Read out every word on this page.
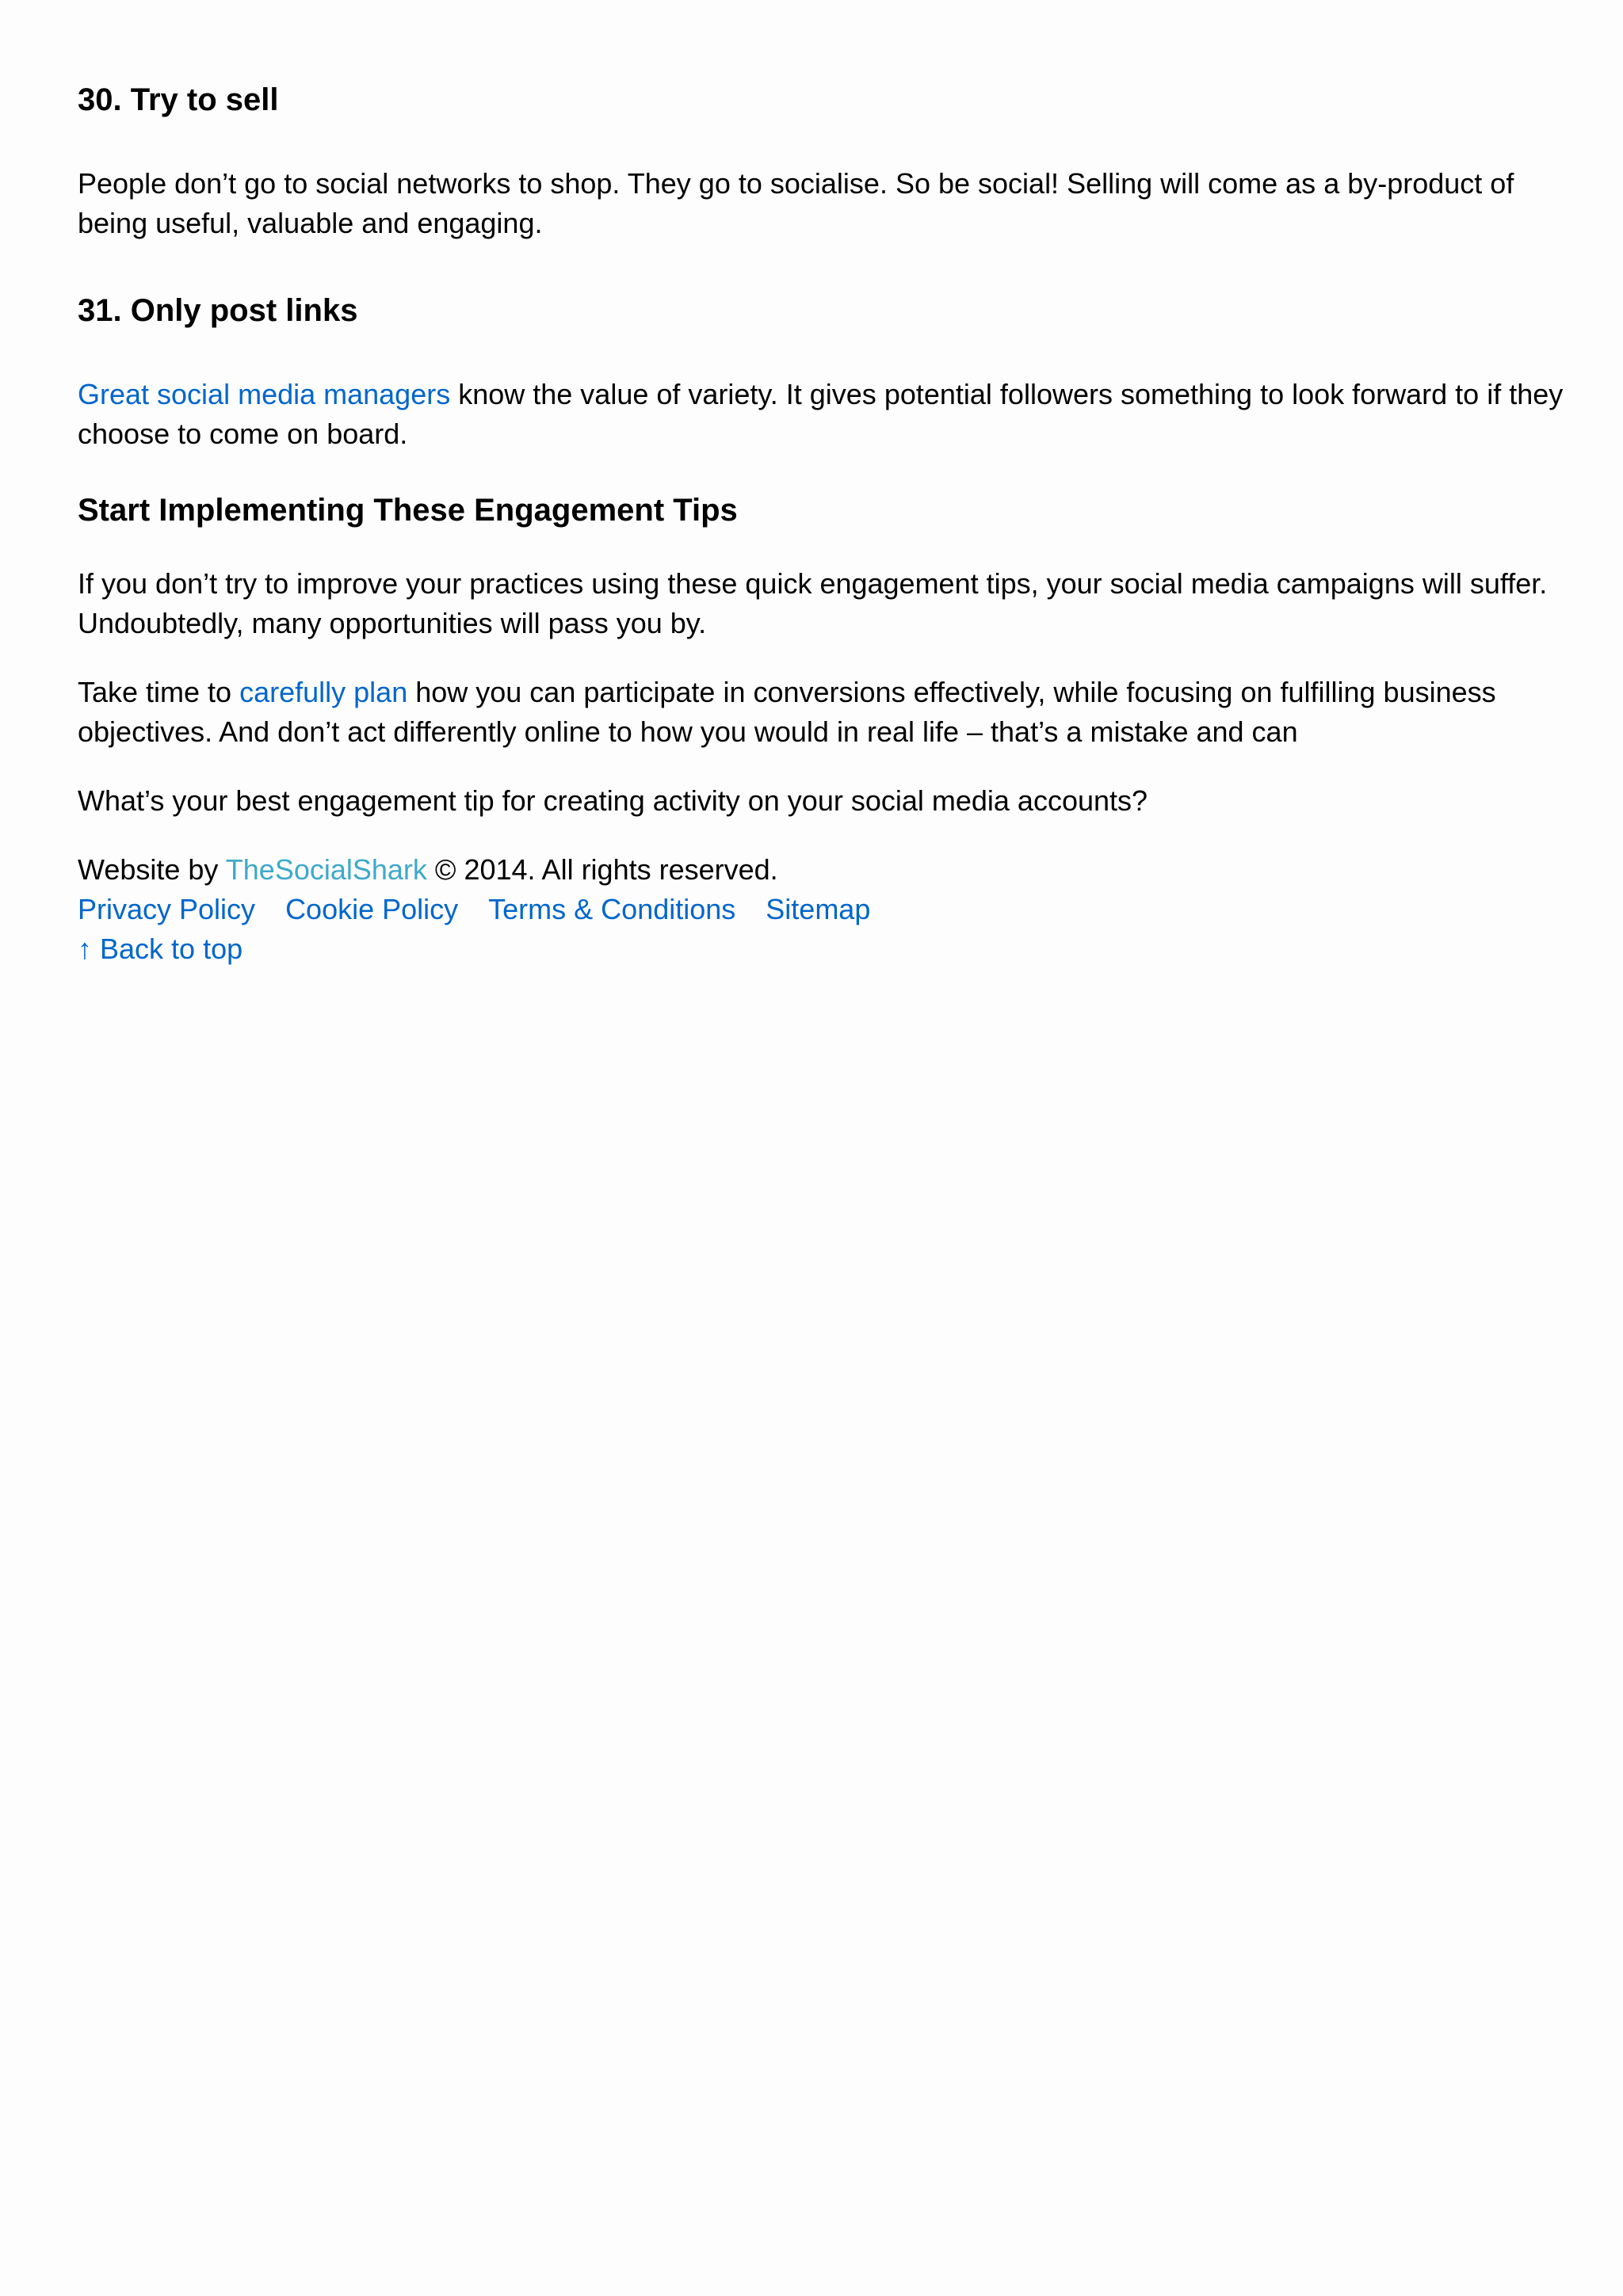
30. Try to sell

People don’t go to social networks to shop. They go to socialise. So be social! Selling will come as a by-product of being useful, valuable and engaging.

31. Only post links

Great social media managers know the value of variety. It gives potential followers something to look forward to if they choose to come on board.

Start Implementing These Engagement Tips

If you don’t try to improve your practices using these quick engagement tips, your social media campaigns will suffer. Undoubtedly, many opportunities will pass you by.

Take time to carefully plan how you can participate in conversions effectively, while focusing on fulfilling business objectives. And don’t act differently online to how you would in real life – that’s a mistake and can

What’s your best engagement tip for creating activity on your social media accounts?

Website by TheSocialShark © 2014. All rights reserved.
Privacy Policy Cookie Policy Terms & Conditions Sitemap
↑ Back to top
